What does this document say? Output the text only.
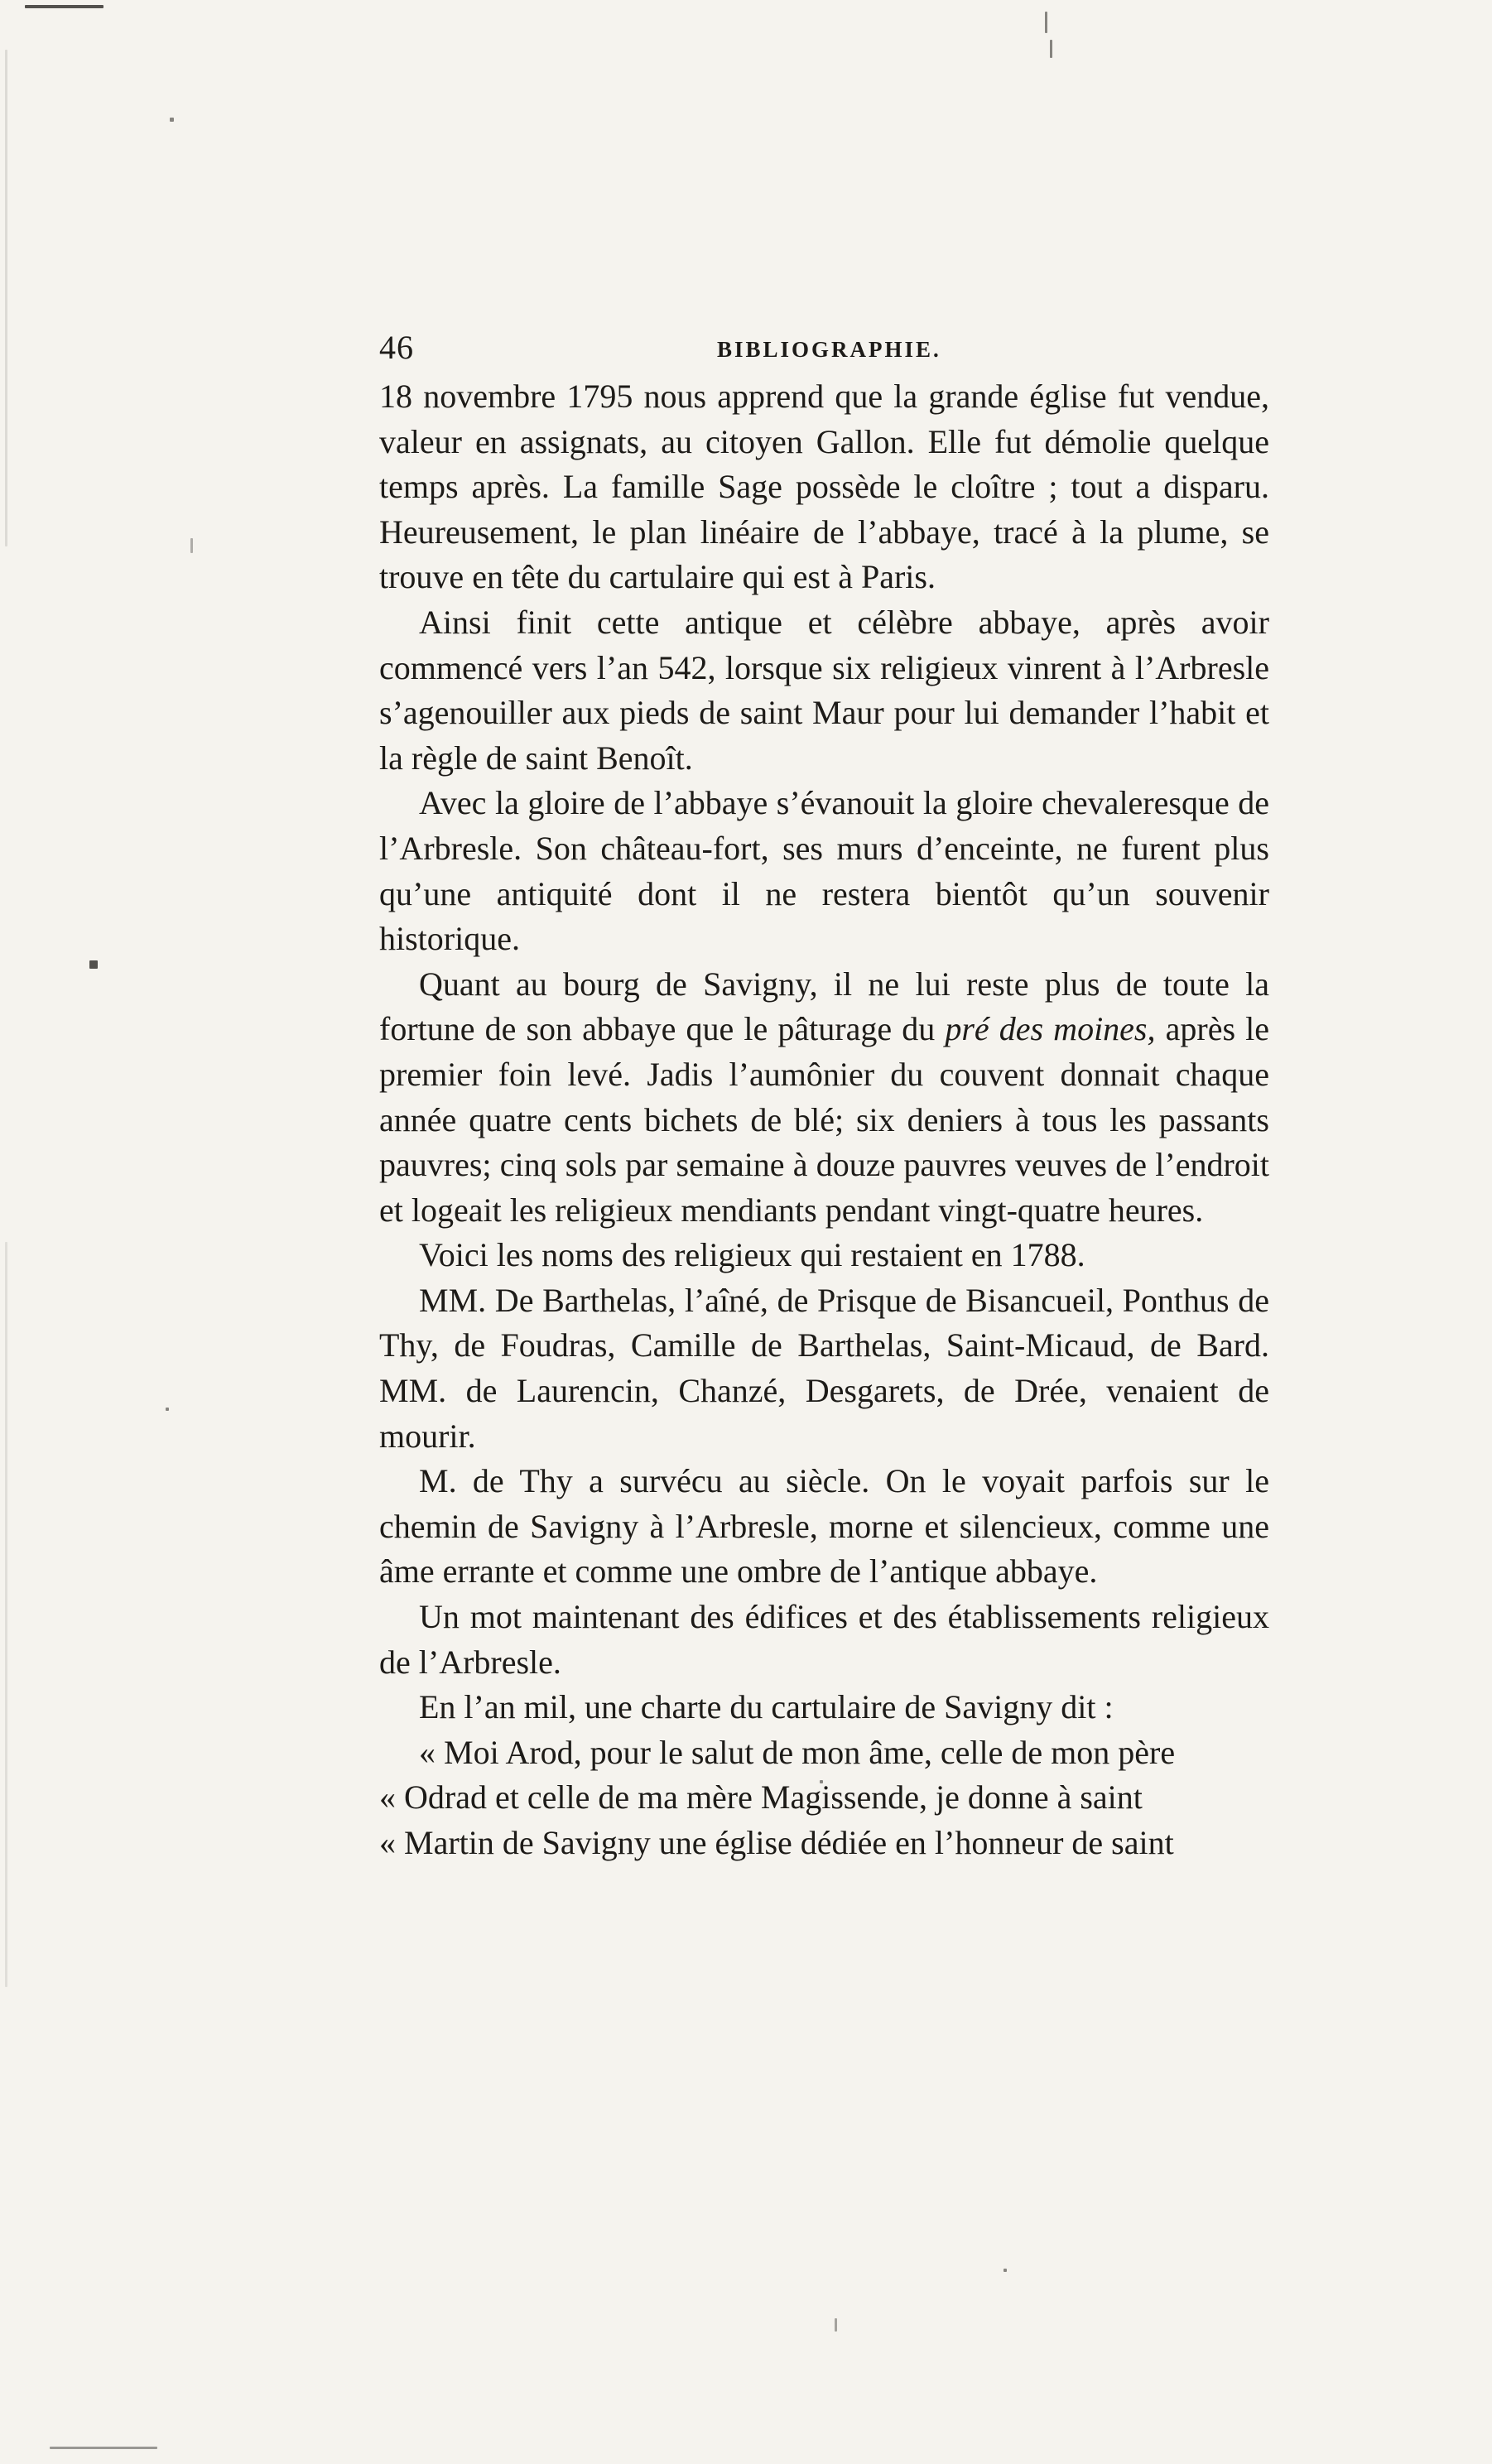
46	BIBLIOGRAPHIE.

18 novembre 1795 nous apprend que la grande église fut vendue, valeur en assignats, au citoyen Gallon. Elle fut démolie quelque temps après. La famille Sage possède le cloître ; tout a disparu. Heureusement, le plan linéaire de l’abbaye, tracé à la plume, se trouve en tête du cartulaire qui est à Paris.

Ainsi finit cette antique et célèbre abbaye, après avoir commencé vers l’an 542, lorsque six religieux vinrent à l’Arbresle s’agenouiller aux pieds de saint Maur pour lui demander l’habit et la règle de saint Benoît.

Avec la gloire de l’abbaye s’évanouit la gloire chevaleresque de l’Arbresle. Son château-fort, ses murs d’enceinte, ne furent plus qu’une antiquité dont il ne restera bientôt qu’un souvenir historique.

Quant au bourg de Savigny, il ne lui reste plus de toute la fortune de son abbaye que le pâturage du pré des moines, après le premier foin levé. Jadis l’aumônier du couvent donnait chaque année quatre cents bichets de blé; six deniers à tous les passants pauvres; cinq sols par semaine à douze pauvres veuves de l’endroit et logeait les religieux mendiants pendant vingt-quatre heures.

Voici les noms des religieux qui restaient en 1788.

MM. De Barthelas, l’aîné, de Prisque de Bisancueil, Ponthus de Thy, de Foudras, Camille de Barthelas, Saint-Micaud, de Bard. MM. de Laurencin, Chanzé, Desgarets, de Drée, venaient de mourir.

M. de Thy a survécu au siècle. On le voyait parfois sur le chemin de Savigny à l’Arbresle, morne et silencieux, comme une âme errante et comme une ombre de l’antique abbaye.

Un mot maintenant des édifices et des établissements religieux de l’Arbresle.

En l’an mil, une charte du cartulaire de Savigny dit :

« Moi Arod, pour le salut de mon âme, celle de mon père

« Odrad et celle de ma mère Magissende, je donne à saint

« Martin de Savigny une église dédiée en l’honneur de saint
